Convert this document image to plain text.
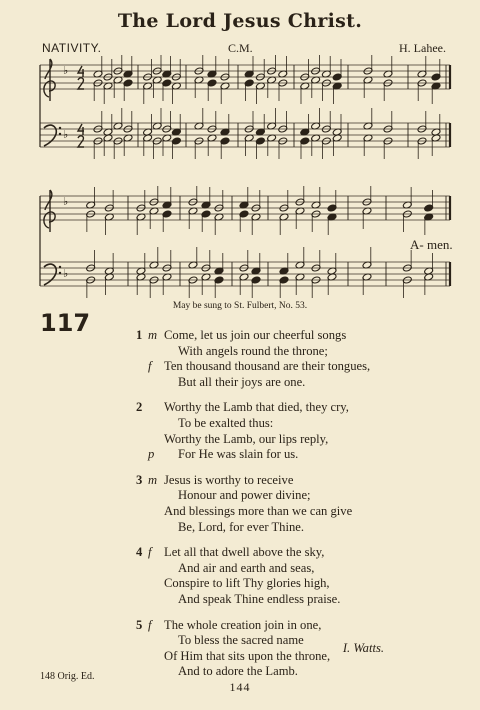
The Lord Jesus Christ.
NATIVITY.	C.M.	H. Lahee.
♭
♭
♭
♭
A- men.
May be sung to St. Fulbert, No. 53.
117	1 m Come, let us join our cheerful songs
With angels round the throne;
f Ten thousand thousand are their tongues,
But all their joys are one.
2 Worthy the Lamb that died, they cry,
To be exalted thus:
Worthy the Lamb, our lips reply,
p For He was slain for us.
3 m Jesus is worthy to receive
Honour and power divine;
And blessings more than we can give
Be, Lord, for ever Thine.
4 f Let all that dwell above the sky,
And air and earth and seas,
Conspire to lift Thy glories high,
And speak Thine endless praise.
5 f The whole creation join in one,
To bless the sacred name
Of Him that sits upon the throne,
And to adore the Lamb.
I. Watts.
148 Orig. Ed.
144
